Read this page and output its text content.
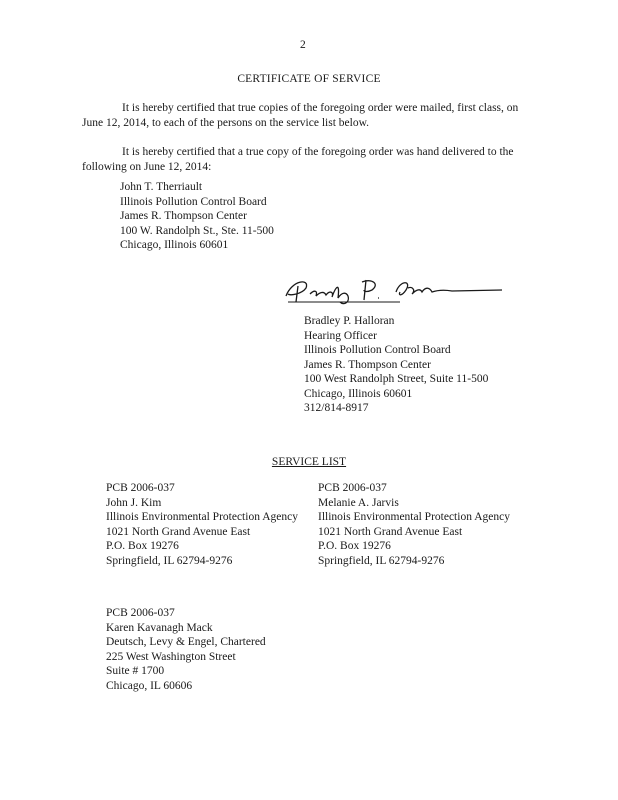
2
CERTIFICATE OF SERVICE
It is hereby certified that true copies of the foregoing order were mailed, first class, on June 12, 2014, to each of the persons on the service list below.
It is hereby certified that a true copy of the foregoing order was hand delivered to the following on June 12, 2014:
John T. Therriault
Illinois Pollution Control Board
James R. Thompson Center
100 W. Randolph St., Ste. 11-500
Chicago, Illinois 60601
Bradley P. Halloran
Hearing Officer
Illinois Pollution Control Board
James R. Thompson Center
100 West Randolph Street, Suite 11-500
Chicago, Illinois 60601
312/814-8917
SERVICE LIST
PCB 2006-037
John J. Kim
Illinois Environmental Protection Agency
1021 North Grand Avenue East
P.O. Box 19276
Springfield, IL 62794-9276
PCB 2006-037
Melanie A. Jarvis
Illinois Environmental Protection Agency
1021 North Grand Avenue East
P.O. Box 19276
Springfield, IL 62794-9276
PCB 2006-037
Karen Kavanagh Mack
Deutsch, Levy & Engel, Chartered
225 West Washington Street
Suite # 1700
Chicago, IL 60606
